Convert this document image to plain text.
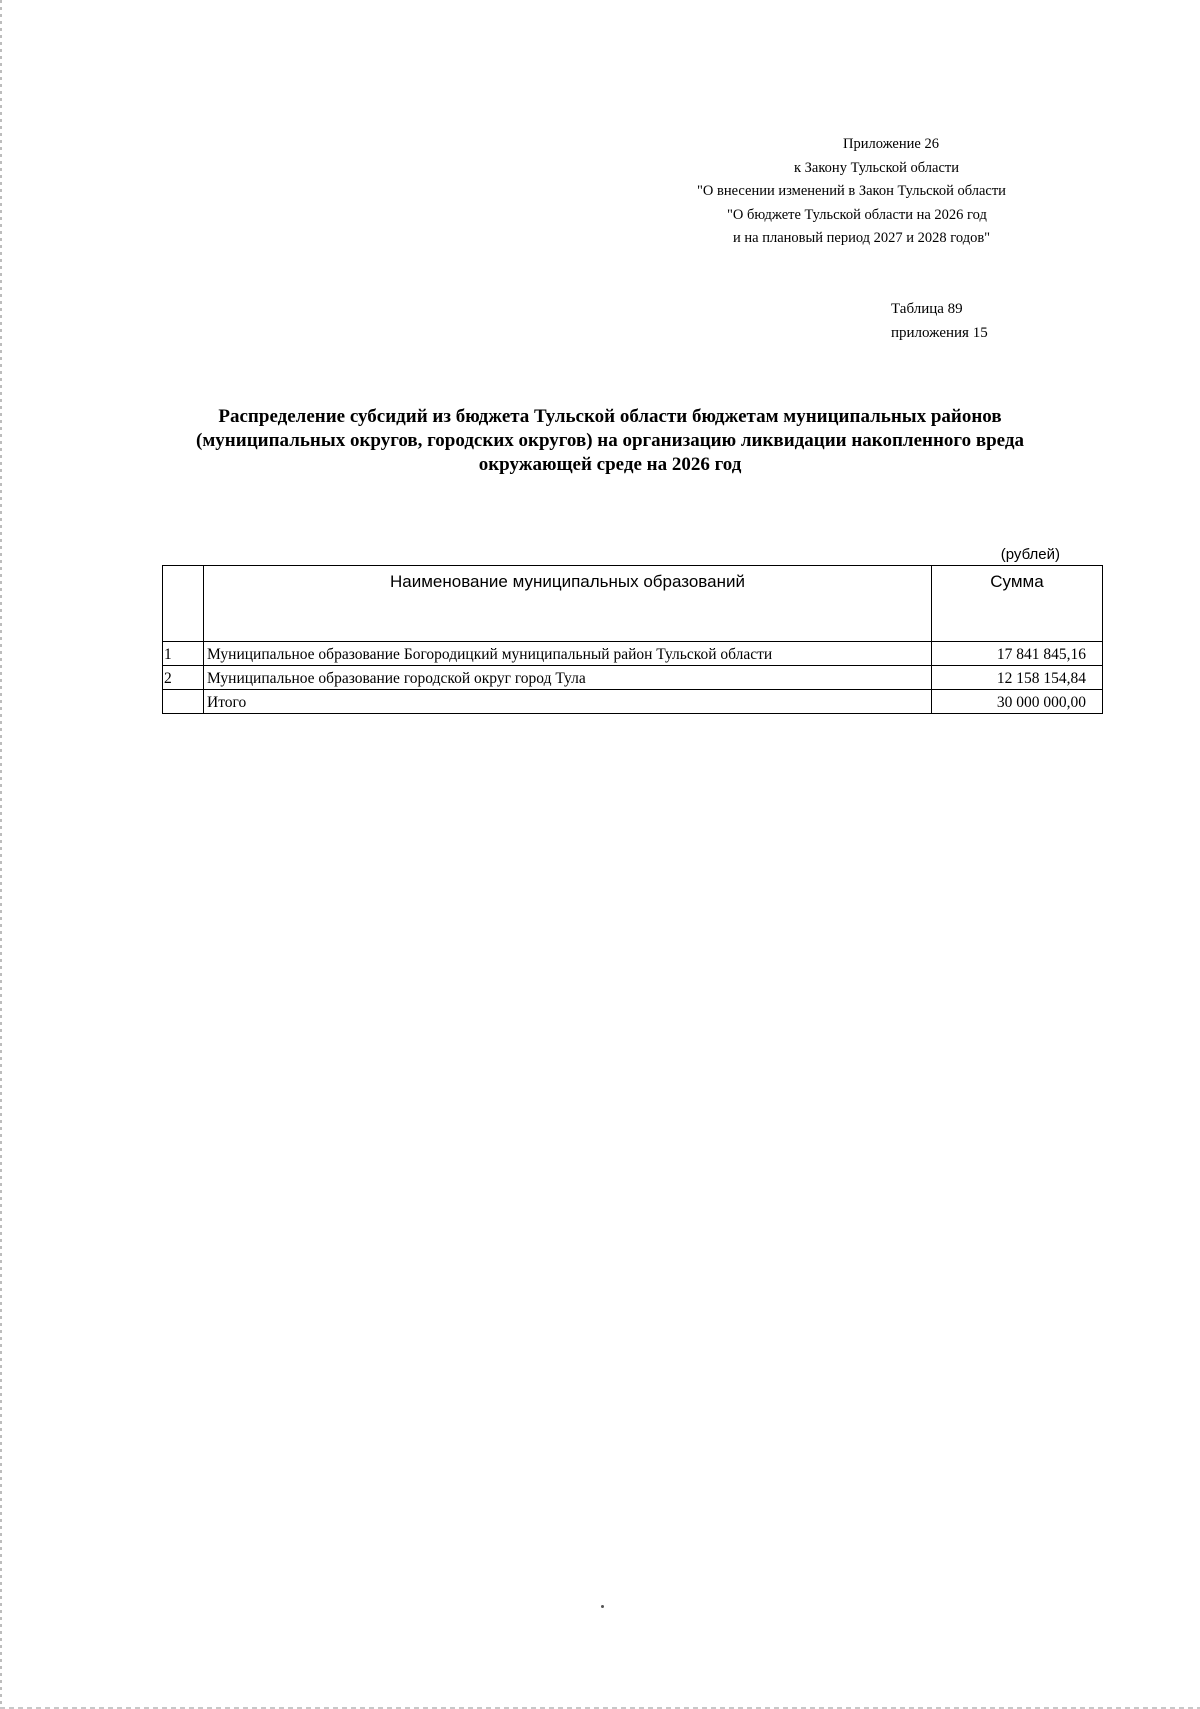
Приложение 26
к Закону Тульской области
"О внесении изменений в Закон Тульской области
"О бюджете Тульской области на 2026 год
и на плановый период 2027 и 2028 годов"
Таблица 89
приложения 15
Распределение субсидий из бюджета Тульской области бюджетам муниципальных районов
(муниципальных округов, городских округов) на организацию ликвидации накопленного вреда
окружающей среде на 2026 год
(рублей)
	Наименование муниципальных образований	Сумма
1	Муниципальное образование Богородицкий муниципальный район Тульской области	17 841 845,16
2	Муниципальное образование городской округ город Тула	12 158 154,84
	Итого	30 000 000,00
